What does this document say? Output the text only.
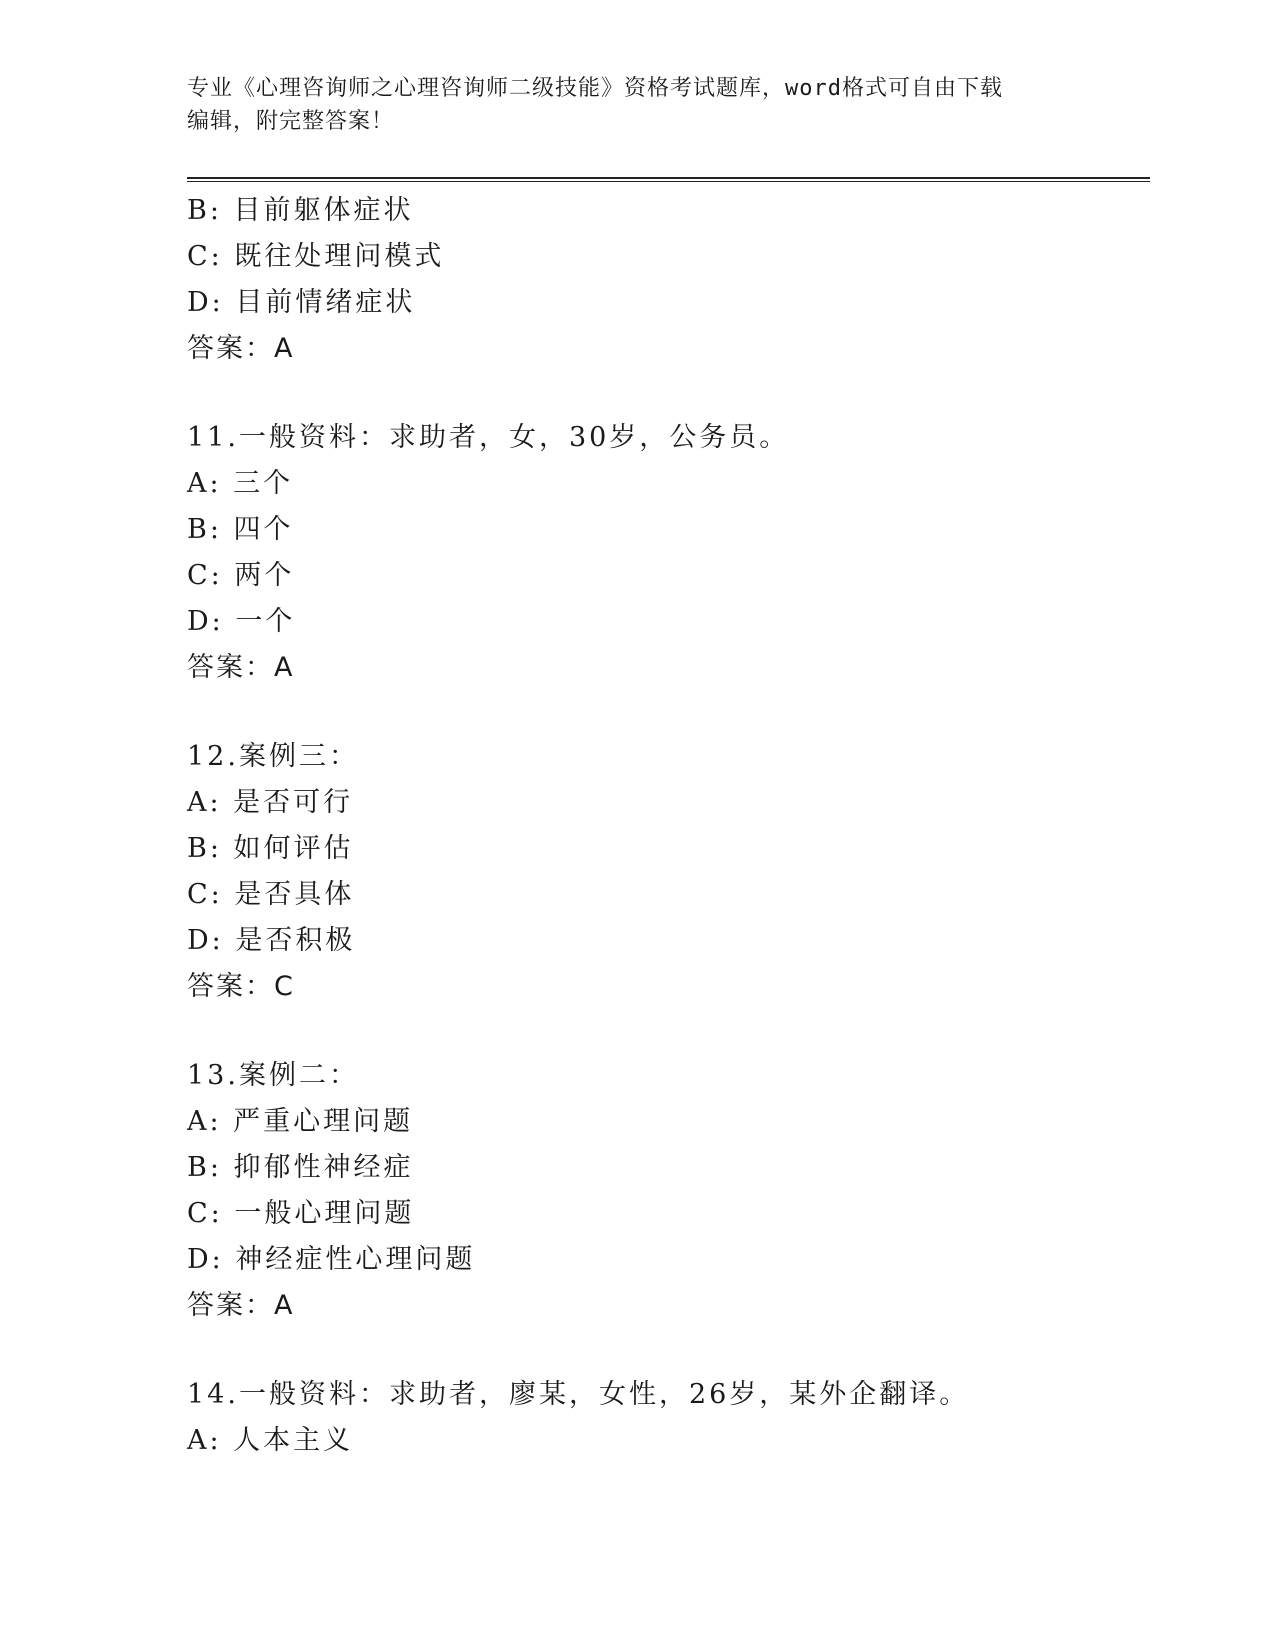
专业《心理咨询师之心理咨询师二级技能》资格考试题库，word格式可自由下载
编辑，附完整答案！
B: 目前躯体症状
C: 既往处理问模式
D: 目前情绪症状
答案：A
11.一般资料：求助者，女，30岁，公务员。
A: 三个
B: 四个
C: 两个
D: 一个
答案：A
12.案例三：
A: 是否可行
B: 如何评估
C: 是否具体
D: 是否积极
答案：C
13.案例二：
A: 严重心理问题
B: 抑郁性神经症
C: 一般心理问题
D: 神经症性心理问题
答案：A
14.一般资料：求助者，廖某，女性，26岁，某外企翻译。
A: 人本主义
